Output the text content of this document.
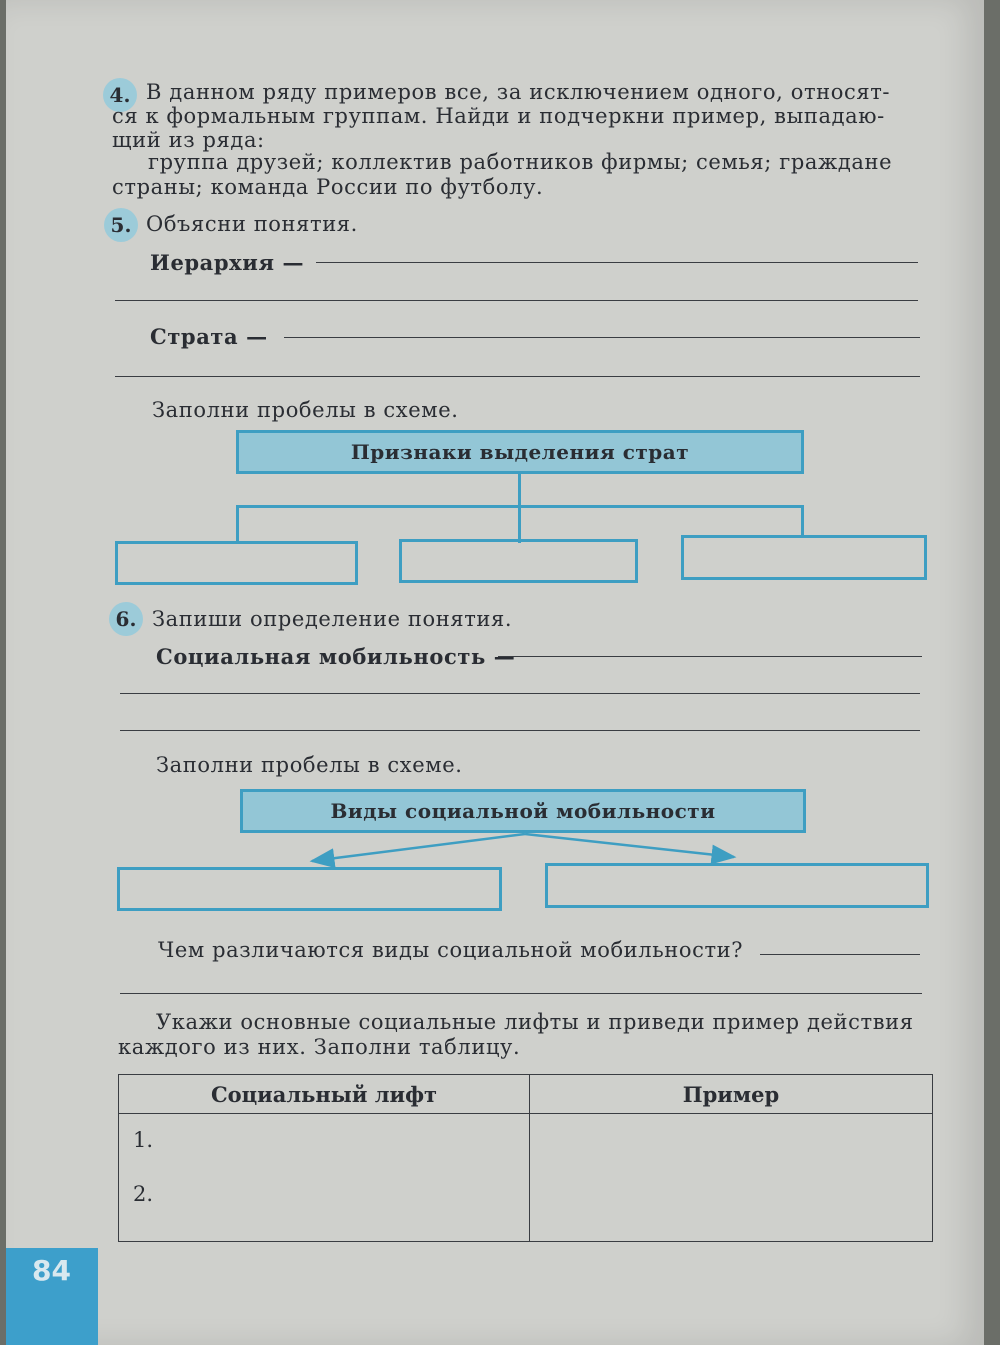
4. В данном ряду примеров все, за исключением одного, относят-
ся к формальным группам. Найди и подчеркни пример, выпадаю-
щий из ряда:
группа друзей; коллектив работников фирмы; семья; граждане
страны; команда России по футболу.
5. Объясни понятия.
Иерархия —
Страта —
Заполни пробелы в схеме.
Признаки выделения страт
6. Запиши определение понятия.
Социальная мобильность —
Заполни пробелы в схеме.
Виды социальной мобильности
Чем различаются виды социальной мобильности?
Укажи основные социальные лифты и приведи пример действия
каждого из них. Заполни таблицу.
Социальный лифт	Пример

1.
2.	

84
